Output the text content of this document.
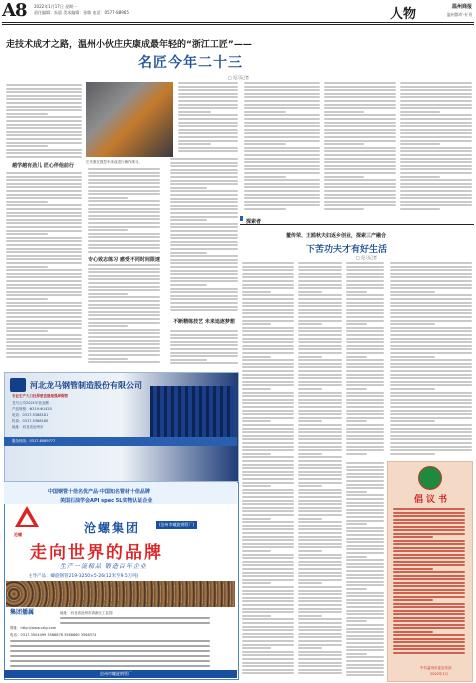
A8 2022年1月17日 星期一
责任编辑：朱晨 美术编辑：张敏 电话：0577-88965	人物	温州商报
温州都市·专刊
走技术成才之路，温州小伙庄庆康成最年轻的“浙江工匠”——
名匠今年二十三
□ 见习记者
庄庆康在数控车床前进行操作练习。
越学越有劲儿 匠心伴他前行
专心致志练习 感受不同时间限速
不断精练技艺 未来追逐梦想
探索者
董传荣、王鸥秋夫妇返乡创业，探索三产融合
下苦功夫才有好生活
□ 见习记者
河北龙马钢管制造股份有限公司
专业生产大口径厚壁直缝埋弧焊钢管
龙马公司2021年营业额
产品规格：Φ219-Φ1420
电话：0317-5388181
传真：0317-5388180
地址：河北省沧州市
服务热线：0317-8089777
中国钢管十佳名优产品·中国知名管材十佳品牌
美国石油学会API spec 5L实物认证企业
沧螺	沧螺集团	(沧州市螺旋钢管厂)
走向世界的品牌
生产一流精品 锻造百年企业
主导产品：螺旋钢管219-3250×5-26(12米至9.5万吨)
集团播属	地址：河北省沧州市高新区工业园
网址：http://www.czlg.com
电话：0317-3504499 3568876 3568860 3568374
沧州市螺旋钢管厂
倡议书
中共温州市委宣传部
2022年1月
